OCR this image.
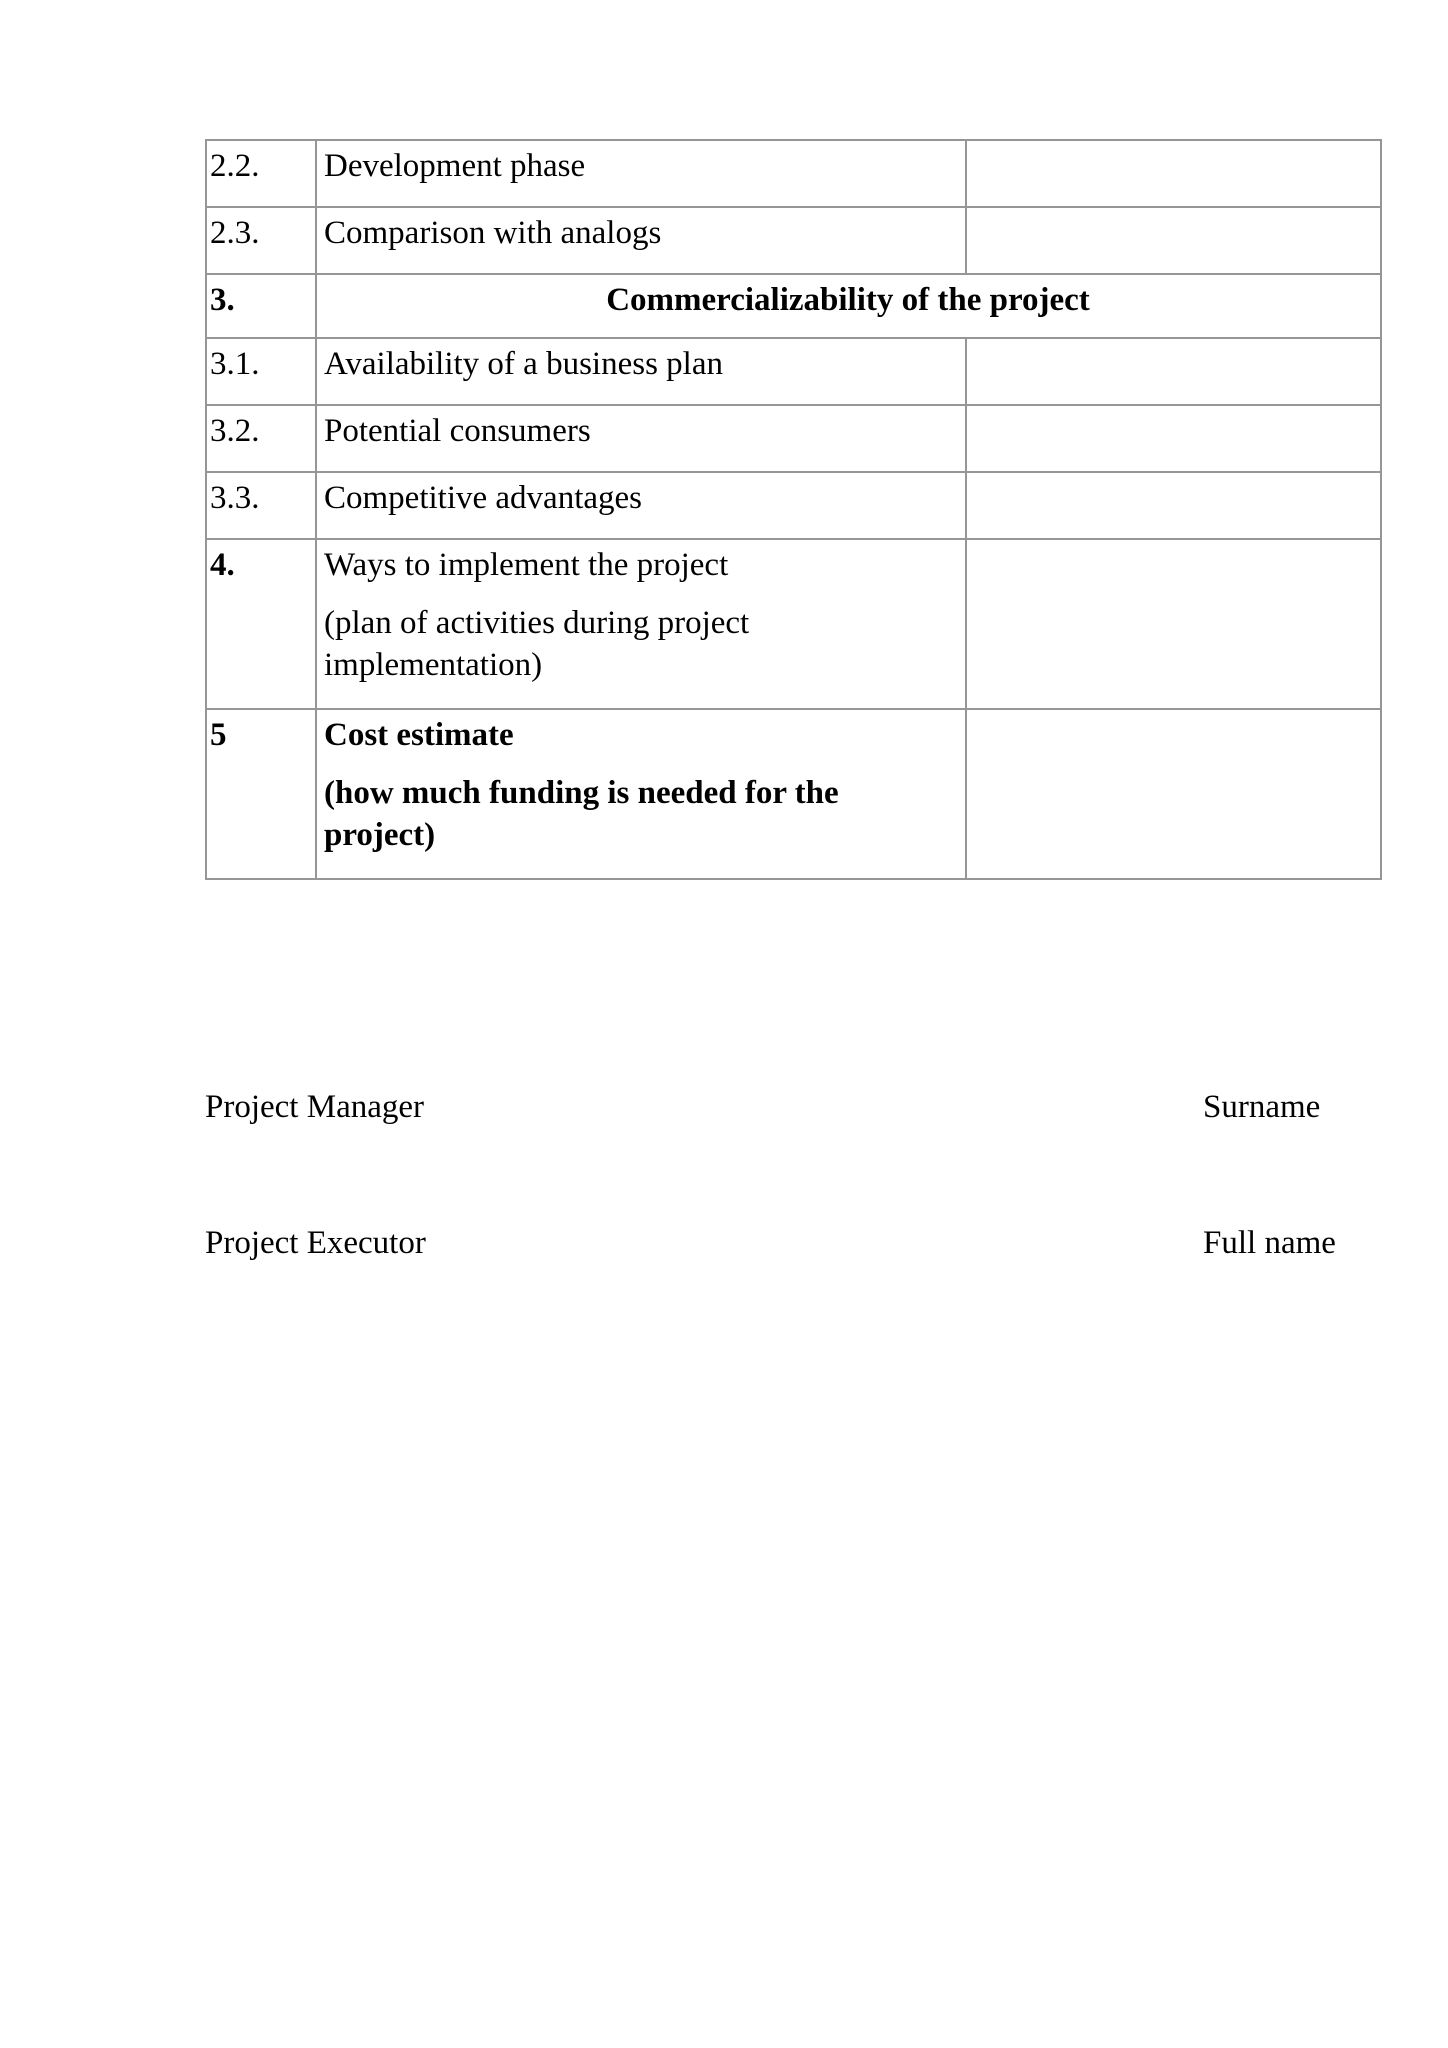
2.2.	Development phase	

2.3.	Comparison with analogs	

3.	Commercializability of the project	

3.1.	Availability of a business plan	

3.2.	Potential consumers	

3.3.	Competitive advantages	

4.	Ways to implement the project
(plan of activities during project implementation)	

5	Cost estimate
(how much funding is needed for the project)	

Project Manager	Surname
Project Executor	Full name
